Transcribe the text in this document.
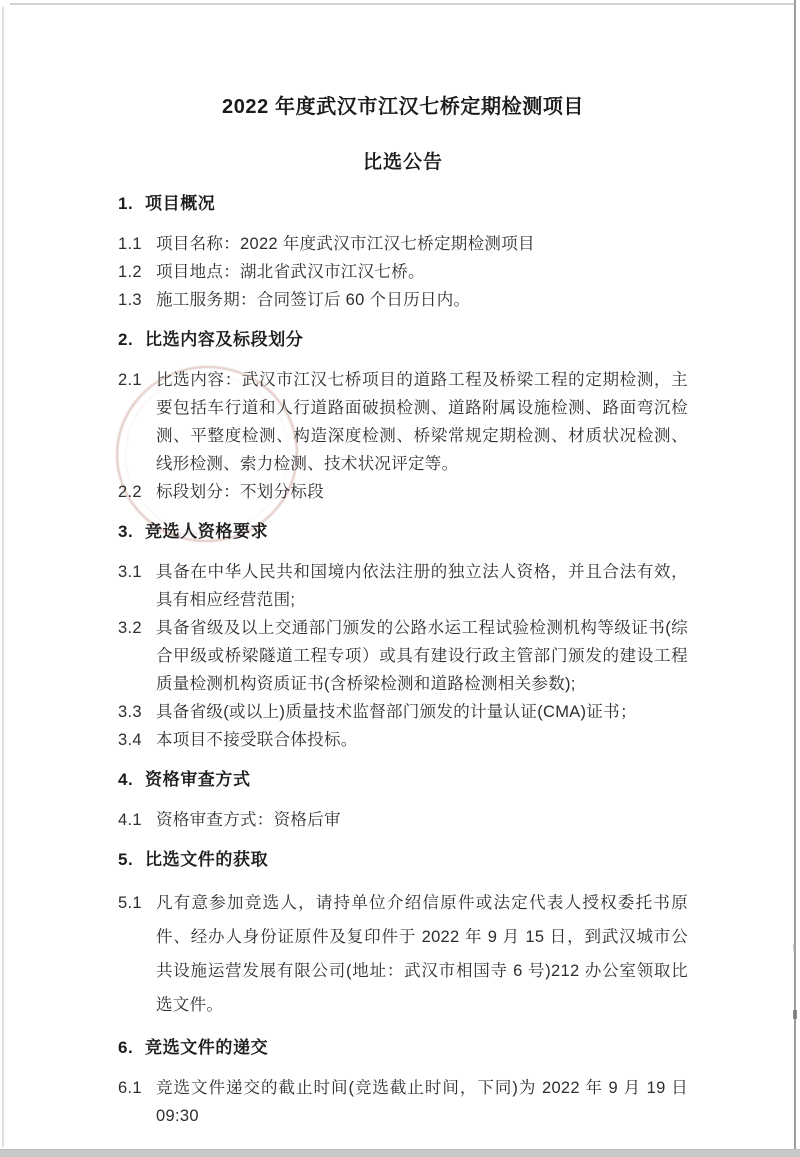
2022 年度武汉市江汉七桥定期检测项目
比选公告
1. 项目概况
1.1 项目名称：2022 年度武汉市江汉七桥定期检测项目
1.2 项目地点：湖北省武汉市江汉七桥。
1.3 施工服务期：合同签订后 60 个日历日内。
2. 比选内容及标段划分
2.1 比选内容：武汉市江汉七桥项目的道路工程及桥梁工程的定期检测，主要包括车行道和人行道路面破损检测、道路附属设施检测、路面弯沉检测、平整度检测、构造深度检测、桥梁常规定期检测、材质状况检测、线形检测、索力检测、技术状况评定等。
2.2 标段划分：不划分标段
3. 竞选人资格要求
3.1 具备在中华人民共和国境内依法注册的独立法人资格，并且合法有效，具有相应经营范围;
3.2 具备省级及以上交通部门颁发的公路水运工程试验检测机构等级证书(综合甲级或桥梁隧道工程专项）或具有建设行政主管部门颁发的建设工程质量检测机构资质证书(含桥梁检测和道路检测相关参数);
3.3 具备省级(或以上)质量技术监督部门颁发的计量认证(CMA)证书；
3.4 本项目不接受联合体投标。
4. 资格审查方式
4.1 资格审查方式：资格后审
5. 比选文件的获取
5.1 凡有意参加竞选人，请持单位介绍信原件或法定代表人授权委托书原件、经办人身份证原件及复印件于 2022 年 9 月 15 日，到武汉城市公共设施运营发展有限公司(地址：武汉市相国寺 6 号)212 办公室领取比选文件。
6. 竞选文件的递交
6.1 竞选文件递交的截止时间(竞选截止时间，下同)为 2022 年 9 月 19 日 09:30
